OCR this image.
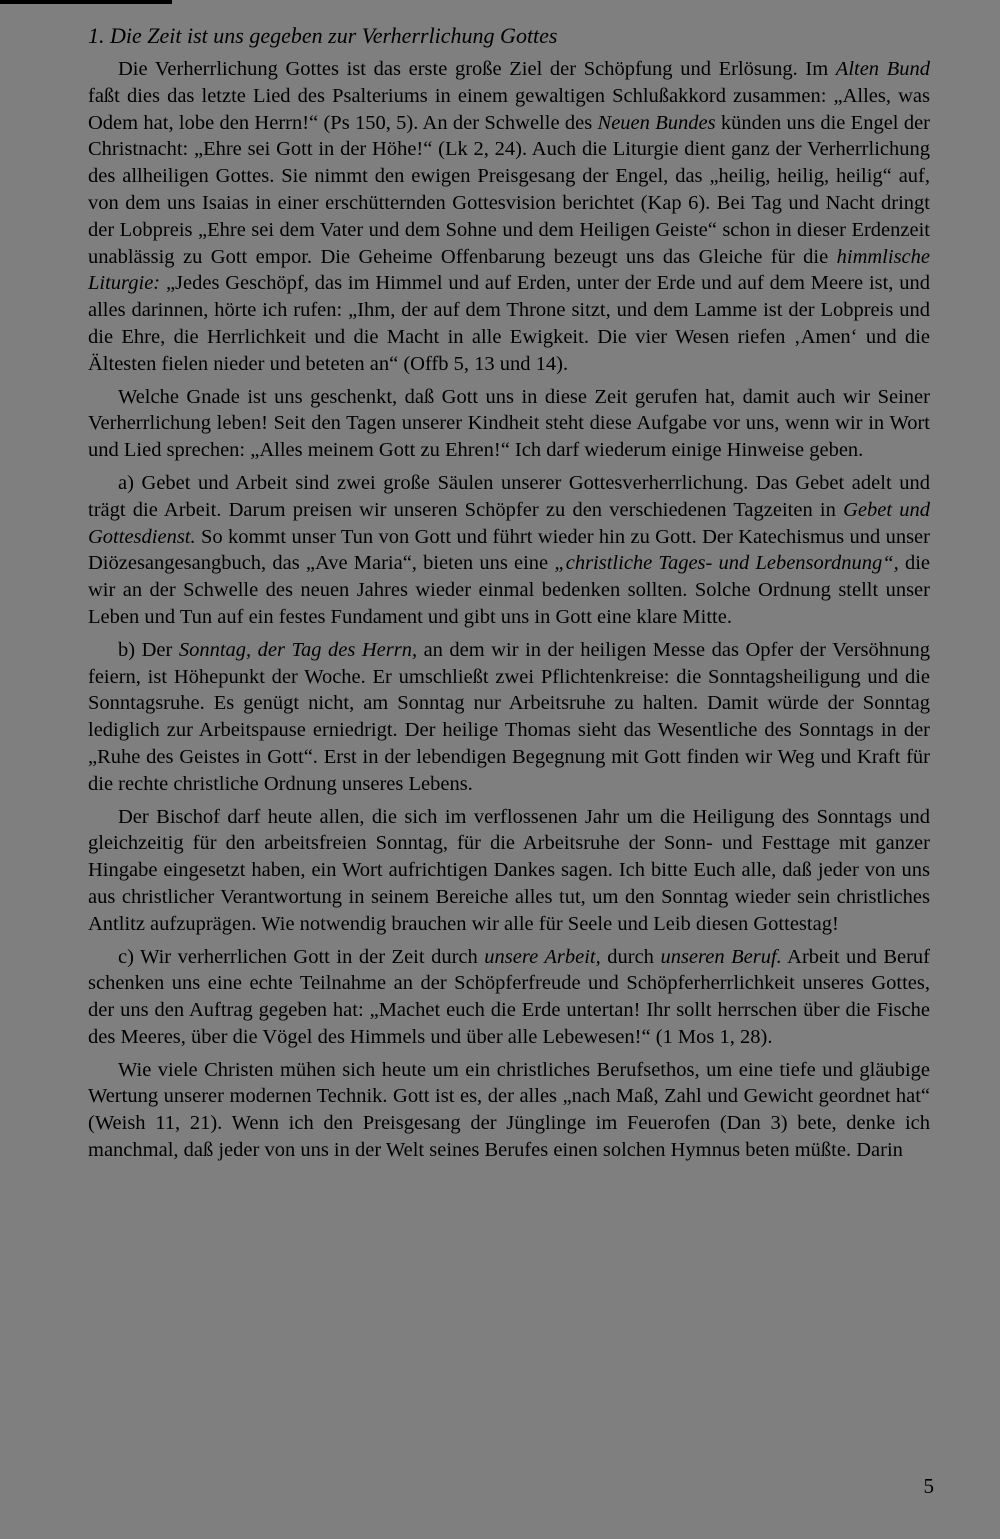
1. Die Zeit ist uns gegeben zur Verherrlichung Gottes

Die Verherrlichung Gottes ist das erste große Ziel der Schöpfung und Erlösung. Im Alten Bund faßt dies das letzte Lied des Psalteriums in einem gewaltigen Schlußakkord zusammen: „Alles, was Odem hat, lobe den Herrn!“ (Ps 150, 5). An der Schwelle des Neuen Bundes künden uns die Engel der Christnacht: „Ehre sei Gott in der Höhe!“ (Lk 2, 24). Auch die Liturgie dient ganz der Verherrlichung des allheiligen Gottes. Sie nimmt den ewigen Preisgesang der Engel, das „heilig, heilig, heilig“ auf, von dem uns Isaias in einer erschütternden Gottesvision berichtet (Kap 6). Bei Tag und Nacht dringt der Lobpreis „Ehre sei dem Vater und dem Sohne und dem Heiligen Geiste“ schon in dieser Erdenzeit unablässig zu Gott empor. Die Geheime Offenbarung bezeugt uns das Gleiche für die himmlische Liturgie: „Jedes Geschöpf, das im Himmel und auf Erden, unter der Erde und auf dem Meere ist, und alles darinnen, hörte ich rufen: „Ihm, der auf dem Throne sitzt, und dem Lamme ist der Lobpreis und die Ehre, die Herrlichkeit und die Macht in alle Ewigkeit. Die vier Wesen riefen ‚Amen‘ und die Ältesten fielen nieder und beteten an“ (Offb 5, 13 und 14).

Welche Gnade ist uns geschenkt, daß Gott uns in diese Zeit gerufen hat, damit auch wir Seiner Verherrlichung leben! Seit den Tagen unserer Kindheit steht diese Aufgabe vor uns, wenn wir in Wort und Lied sprechen: „Alles meinem Gott zu Ehren!“ Ich darf wiederum einige Hinweise geben.

a) Gebet und Arbeit sind zwei große Säulen unserer Gottesverherrlichung. Das Gebet adelt und trägt die Arbeit. Darum preisen wir unseren Schöpfer zu den verschiedenen Tagzeiten in Gebet und Gottesdienst. So kommt unser Tun von Gott und führt wieder hin zu Gott. Der Katechismus und unser Diözesangesangbuch, das „Ave Maria“, bieten uns eine „christliche Tages- und Lebensordnung“, die wir an der Schwelle des neuen Jahres wieder einmal bedenken sollten. Solche Ordnung stellt unser Leben und Tun auf ein festes Fundament und gibt uns in Gott eine klare Mitte.

b) Der Sonntag, der Tag des Herrn, an dem wir in der heiligen Messe das Opfer der Versöhnung feiern, ist Höhepunkt der Woche. Er umschließt zwei Pflichtenkreise: die Sonntagsheiligung und die Sonntagsruhe. Es genügt nicht, am Sonntag nur Arbeitsruhe zu halten. Damit würde der Sonntag lediglich zur Arbeitspause erniedrigt. Der heilige Thomas sieht das Wesentliche des Sonntags in der „Ruhe des Geistes in Gott“. Erst in der lebendigen Begegnung mit Gott finden wir Weg und Kraft für die rechte christliche Ordnung unseres Lebens.

Der Bischof darf heute allen, die sich im verflossenen Jahr um die Heiligung des Sonntags und gleichzeitig für den arbeitsfreien Sonntag, für die Arbeitsruhe der Sonn- und Festtage mit ganzer Hingabe eingesetzt haben, ein Wort aufrichtigen Dankes sagen. Ich bitte Euch alle, daß jeder von uns aus christlicher Verantwortung in seinem Bereiche alles tut, um den Sonntag wieder sein christliches Antlitz aufzuprägen. Wie notwendig brauchen wir alle für Seele und Leib diesen Gottestag!

c) Wir verherrlichen Gott in der Zeit durch unsere Arbeit, durch unseren Beruf. Arbeit und Beruf schenken uns eine echte Teilnahme an der Schöpferfreude und Schöpferherrlichkeit unseres Gottes, der uns den Auftrag gegeben hat: „Machet euch die Erde untertan! Ihr sollt herrschen über die Fische des Meeres, über die Vögel des Himmels und über alle Lebewesen!“ (1 Mos 1, 28).

Wie viele Christen mühen sich heute um ein christliches Berufsethos, um eine tiefe und gläubige Wertung unserer modernen Technik. Gott ist es, der alles „nach Maß, Zahl und Gewicht geordnet hat“ (Weish 11, 21). Wenn ich den Preisgesang der Jünglinge im Feuerofen (Dan 3) bete, denke ich manchmal, daß jeder von uns in der Welt seines Berufes einen solchen Hymnus beten müßte. Darin

5
